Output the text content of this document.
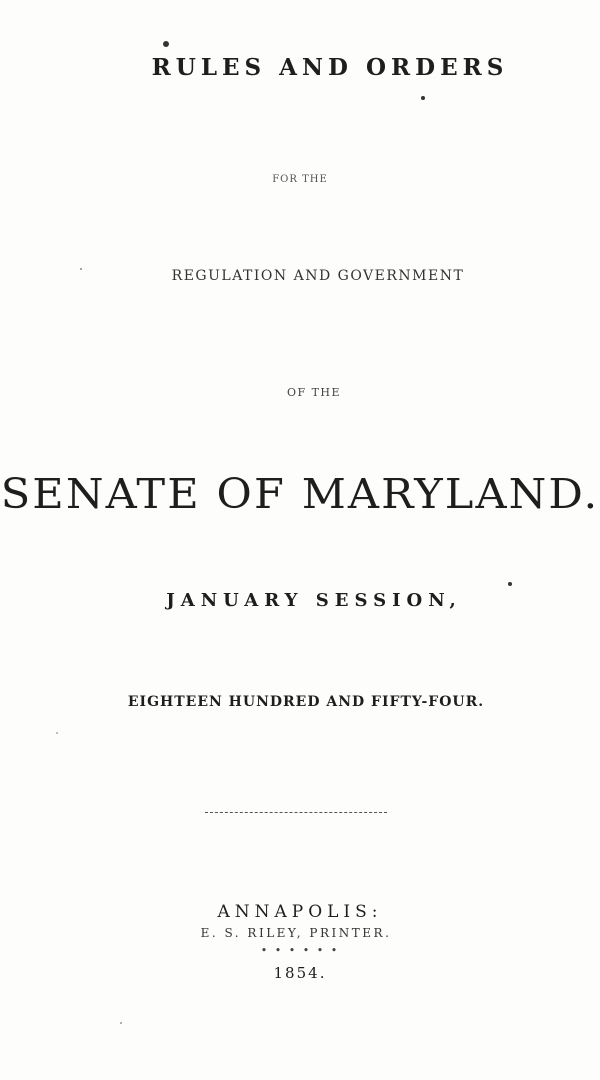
RULES AND ORDERS
FOR THE
REGULATION AND GOVERNMENT
OF THE
SENATE OF MARYLAND.
JANUARY SESSION,
EIGHTEEN HUNDRED AND FIFTY-FOUR.
ANNAPOLIS:
E. S. RILEY, PRINTER.
• • • • • •
1854.
